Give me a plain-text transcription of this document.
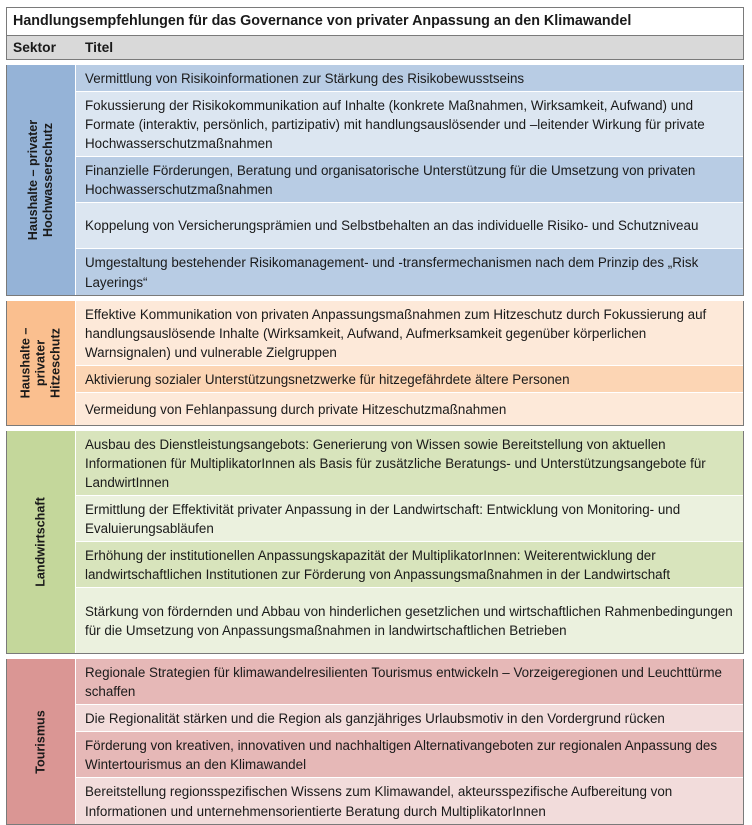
Handlungsempfehlungen für das Governance von privater Anpassung an den Klimawandel
Sektor	Titel
Haushalte – privater
Hochwasserschutz
Vermittlung von Risikoinformationen zur Stärkung des Risikobewusstseins
Fokussierung der Risikokommunikation auf Inhalte (konkrete Maßnahmen, Wirksamkeit, Aufwand) und Formate (interaktiv, persönlich, partizipativ) mit handlungsauslösender und –leitender Wirkung für private Hochwasserschutzmaßnahmen
Finanzielle Förderungen, Beratung und organisatorische Unterstützung für die Umsetzung von privaten Hochwasserschutzmaßnahmen
Koppelung von Versicherungsprämien und Selbstbehalten an das individuelle Risiko- und Schutzniveau
Umgestaltung bestehender Risikomanagement- und -transfermechanismen nach dem Prinzip des „Risk Layerings“
Haushalte –
privater
Hitzeschutz
Effektive Kommunikation von privaten Anpassungsmaßnahmen zum Hitzeschutz durch Fokussierung auf handlungsauslösende Inhalte (Wirksamkeit, Aufwand, Aufmerksamkeit gegenüber körperlichen Warnsignalen) und vulnerable Zielgruppen
Aktivierung sozialer Unterstützungsnetzwerke für hitzegefährdete ältere Personen
Vermeidung von Fehlanpassung durch private Hitzeschutzmaßnahmen
Landwirtschaft
Ausbau des Dienstleistungsangebots: Generierung von Wissen sowie Bereitstellung von aktuellen Informationen für MultiplikatorInnen als Basis für zusätzliche Beratungs- und Unterstützungsangebote für LandwirtInnen
Ermittlung der Effektivität privater Anpassung in der Landwirtschaft: Entwicklung von Monitoring- und Evaluierungsabläufen
Erhöhung der institutionellen Anpassungskapazität der MultiplikatorInnen: Weiterentwicklung der landwirtschaftlichen Institutionen zur Förderung von Anpassungsmaßnahmen in der Landwirtschaft
Stärkung von fördernden und Abbau von hinderlichen gesetzlichen und wirtschaftlichen Rahmenbedingungen für die Umsetzung von Anpassungsmaßnahmen in landwirtschaftlichen Betrieben
Tourismus
Regionale Strategien für klimawandelresilienten Tourismus entwickeln – Vorzeigeregionen und Leuchttürme schaffen
Die Regionalität stärken und die Region als ganzjähriges Urlaubsmotiv in den Vordergrund rücken
Förderung von kreativen, innovativen und nachhaltigen Alternativangeboten zur regionalen Anpassung des Wintertourismus an den Klimawandel
Bereitstellung regionsspezifischen Wissens zum Klimawandel, akteursspezifische Aufbereitung von Informationen und unternehmensorientierte Beratung durch MultiplikatorInnen
